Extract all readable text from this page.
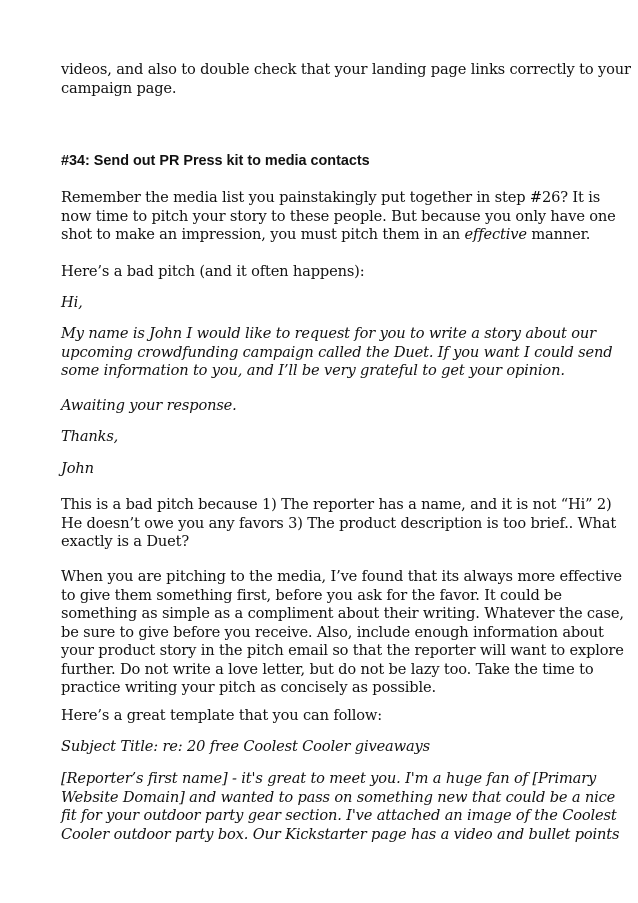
videos, and also to double check that your landing page links correctly to your

campaign page.

#34: Send out PR Press kit to media contacts

Remember the media list you painstakingly put together in step #26? It is

now time to pitch your story to these people. But because you only have one

shot to make an impression, you must pitch them in an effective manner.

Here’s a bad pitch (and it often happens):
Hi,

My name is John I would like to request for you to write a story about our

upcoming crowdfunding campaign called the Duet. If you want I could send

some information to you, and I’ll be very grateful to get your opinion.

Awaiting your response.
Thanks,
John

This is a bad pitch because 1) The reporter has a name, and it is not “Hi” 2)

He doesn’t owe you any favors 3) The product description is too brief.. What

exactly is a Duet?

When you are pitching to the media, I’ve found that its always more effective

to give them something first, before you ask for the favor. It could be

something as simple as a compliment about their writing. Whatever the case,

be sure to give before you receive. Also, include enough information about

your product story in the pitch email so that the reporter will want to explore

further. Do not write a love letter, but do not be lazy too. Take the time to

practice writing your pitch as concisely as possible.

Here’s a great template that you can follow:
Subject Title: re: 20 free Coolest Cooler giveaways

[Reporter’s first name] - it's great to meet you. I'm a huge fan of [Primary

Website Domain] and wanted to pass on something new that could be a nice

fit for your outdoor party gear section. I've attached an image of the Coolest

Cooler outdoor party box. Our Kickstarter page has a video and bullet points
